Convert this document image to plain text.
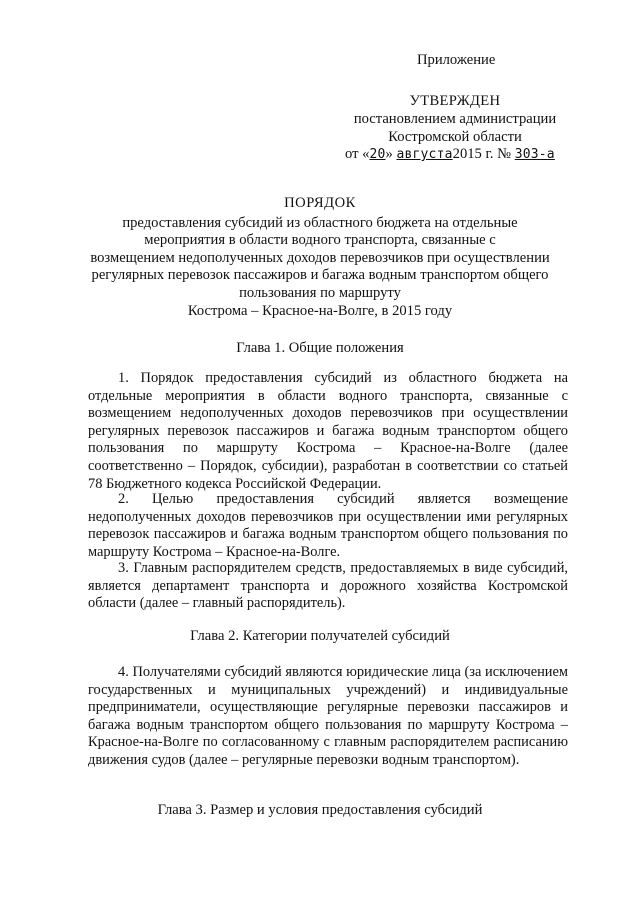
Приложение
УТВЕРЖДЕН
постановлением администрации
Костромской области
от «20» августа2015 г. № 303-а
ПОРЯДОК
предоставления субсидий из областного бюджета на отдельные
мероприятия в области водного транспорта, связанные с
возмещением недополученных доходов перевозчиков при осуществлении
регулярных перевозок пассажиров и багажа водным транспортом общего
пользования по маршруту
Кострома – Красное-на-Волге, в 2015 году
Глава 1. Общие положения
1. Порядок предоставления субсидий из областного бюджета на отдельные мероприятия в области водного транспорта, связанные с возмещением недополученных доходов перевозчиков при осуществлении регулярных перевозок пассажиров и багажа водным транспортом общего пользования по маршруту Кострома – Красное-на-Волге (далее соответственно – Порядок, субсидии), разработан в соответствии со статьей 78 Бюджетного кодекса Российской Федерации.
2. Целью предоставления субсидий является возмещение недополученных доходов перевозчиков при осуществлении ими регулярных перевозок пассажиров и багажа водным транспортом общего пользования по маршруту Кострома – Красное-на-Волге.
3. Главным распорядителем средств, предоставляемых в виде субсидий, является департамент транспорта и дорожного хозяйства Костромской области (далее – главный распорядитель).
Глава 2. Категории получателей субсидий
4. Получателями субсидий являются юридические лица (за исключением государственных и муниципальных учреждений) и индивидуальные предприниматели, осуществляющие регулярные перевозки пассажиров и багажа водным транспортом общего пользования по маршруту Кострома – Красное-на-Волге по согласованному с главным распорядителем расписанию движения судов (далее – регулярные перевозки водным транспортом).
Глава 3. Размер и условия предоставления субсидий
